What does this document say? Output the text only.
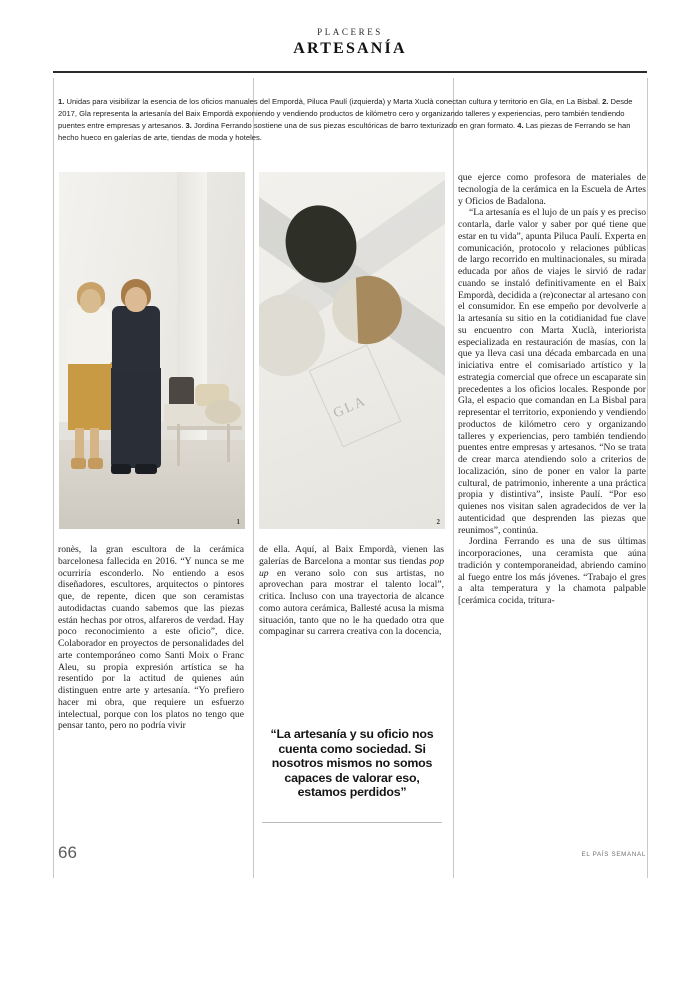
PLACERES
ARTESANÍA
1. Unidas para visibilizar la esencia de los oficios manuales del Empordà, Piluca Paulí (izquierda) y Marta Xuclà conectan cultura y territorio en Gla, en La Bisbal. 2. Desde 2017, Gla representa la artesanía del Baix Empordà exponiendo y vendiendo productos de kilómetro cero y organizando talleres y experiencias, pero también tendiendo puentes entre empresas y artesanos. 3. Jordina Ferrando sostiene una de sus piezas escultóricas de barro texturizado en gran formato. 4. Las piezas de Ferrando se han hecho hueco en galerías de arte, tiendas de moda y hoteles.
1
GLA
2

ronès, la gran escultora de la cerámica barcelonesa fallecida en 2016. “Y nunca se me ocurriría esconderlo. No entiendo a esos diseñadores, escultores, arquitectos o pintores que, de repente, dicen que son ceramistas autodidactas cuando sabemos que las piezas están hechas por otros, alfareros de verdad. Hay poco reconocimiento a este oficio”, dice. Colaborador en proyectos de personalidades del arte contemporáneo como Santi Moix o Franc Aleu, su propia expresión artística se ha resentido por la actitud de quienes aún distinguen entre arte y artesanía. “Yo prefiero hacer mi obra, que requiere un esfuerzo intelectual, porque con los platos no tengo que pensar tanto, pero no podría vivir

de ella. Aquí, al Baix Empordà, vienen las galerías de Barcelona a montar sus tiendas pop up en verano solo con sus artistas, no aprovechan para mostrar el talento local”, critica. Incluso con una trayectoria de alcance como autora cerámica, Ballesté acusa la misma situación, tanto que no le ha quedado otra que compaginar su carrera creativa con la docencia,

que ejerce como profesora de materiales de tecnología de la cerámica en la Escuela de Artes y Oficios de Badalona.

“La artesanía es el lujo de un país y es preciso contarla, darle valor y saber por qué tiene que estar en tu vida”, apunta Piluca Paulí. Experta en comunicación, protocolo y relaciones públicas de largo recorrido en multinacionales, su mirada educada por años de viajes le sirvió de radar cuando se instaló definitivamente en el Baix Empordà, decidida a (re)conectar al artesano con el consumidor. En ese empeño por devolverle a la artesanía su sitio en la cotidianidad fue clave su encuentro con Marta Xuclà, interiorista especializada en restauración de masías, con la que ya lleva casi una década embarcada en una iniciativa entre el comisariado artístico y la estrategia comercial que ofrece un escaparate sin precedentes a los oficios locales. Responde por Gla, el espacio que comandan en La Bisbal para representar el territorio, exponiendo y vendiendo productos de kilómetro cero y organizando talleres y experiencias, pero también tendiendo puentes entre empresas y artesanos. “No se trata de crear marca atendiendo solo a criterios de localización, sino de poner en valor la parte cultural, de patrimonio, inherente a una práctica propia y distintiva”, insiste Paulí. “Por eso quienes nos visitan salen agradecidos de ver la autenticidad que desprenden las piezas que reunimos”, continúa.

Jordina Ferrando es una de sus últimas incorporaciones, una ceramista que aúna tradición y contemporaneidad, abriendo camino al fuego entre los más jóvenes. “Trabajo el gres a alta temperatura y la chamota palpable [cerámica cocida, tritura-

“La artesanía y su oficio nos cuenta como sociedad. Si nosotros mismos no somos capaces de valorar eso, estamos perdidos”
66	EL PAÍS SEMANAL
